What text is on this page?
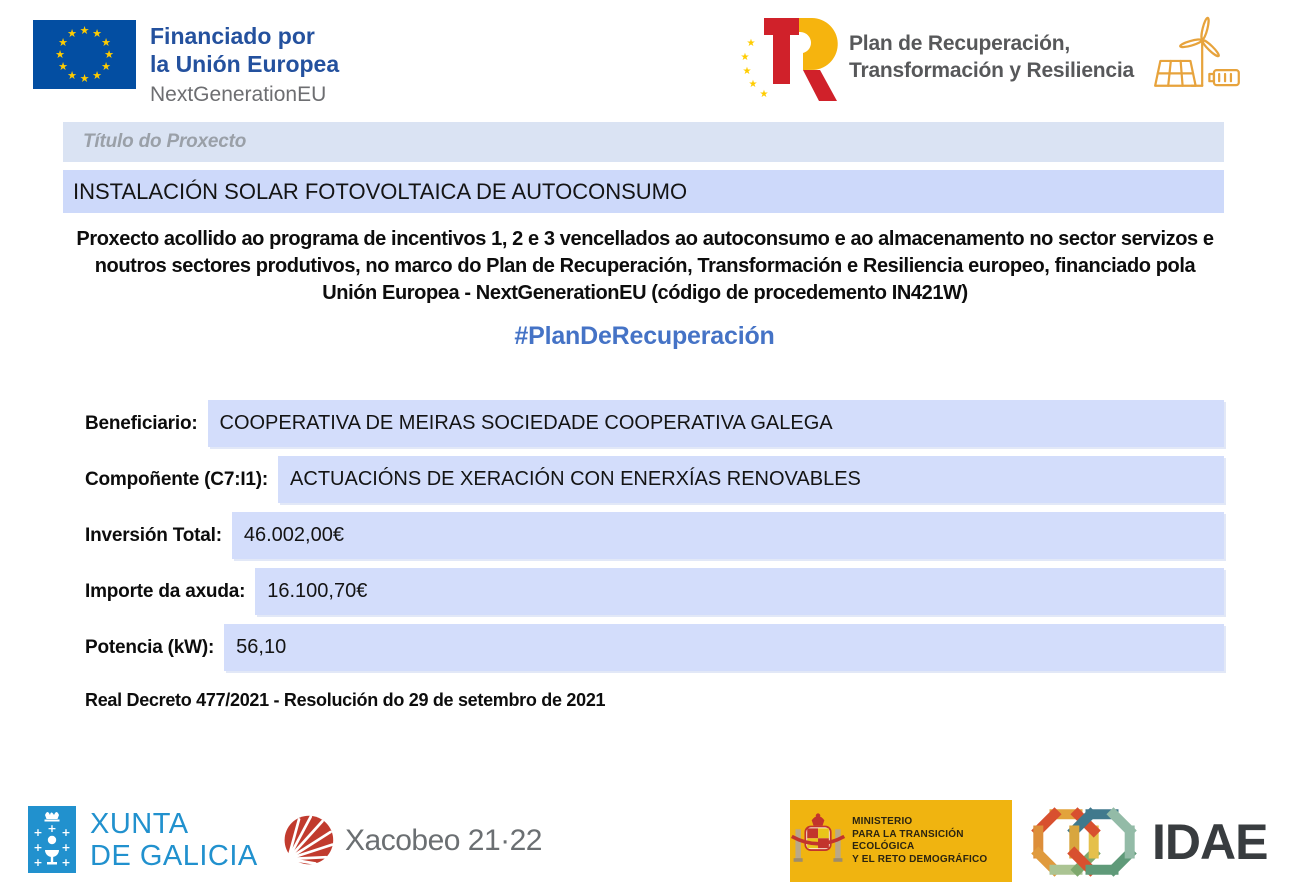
★ ★
★
★
★
★
★
★
★
★
★
★	Financiado por
la Unión Europea
NextGenerationEU
★
★
★
★
★
Plan de Recuperación,
Transformación y Resiliencia
Título do Proxecto
INSTALACIÓN SOLAR FOTOVOLTAICA DE AUTOCONSUMO
Proxecto acollido ao programa de incentivos 1, 2 e 3 vencellados ao autoconsumo e ao almacenamento no sector servizos e noutros sectores produtivos, no marco do Plan de Recuperación, Transformación e Resiliencia europeo, financiado pola Unión Europea - NextGenerationEU (código de procedemento IN421W)
#PlanDeRecuperación
Beneficiario:	COOPERATIVA DE MEIRAS SOCIEDADE COOPERATIVA GALEGA
Compoñente (C7:I1):	ACTUACIÓNS DE XERACIÓN CON ENERXÍAS RENOVABLES
Inversión Total:	46.002,00€
Importe da axuda:	16.100,70€
Potencia (kW):	56,10
Real Decreto 477/2021 - Resolución do 29 de setembro de 2021
+ +
+ +
+ +
+ XUNTA
DE GALICIA	Xacobeo 21·22
MINISTERIO
PARA LA TRANSICIÓN ECOLÓGICA
Y EL RETO DEMOGRÁFICO	IDAE
